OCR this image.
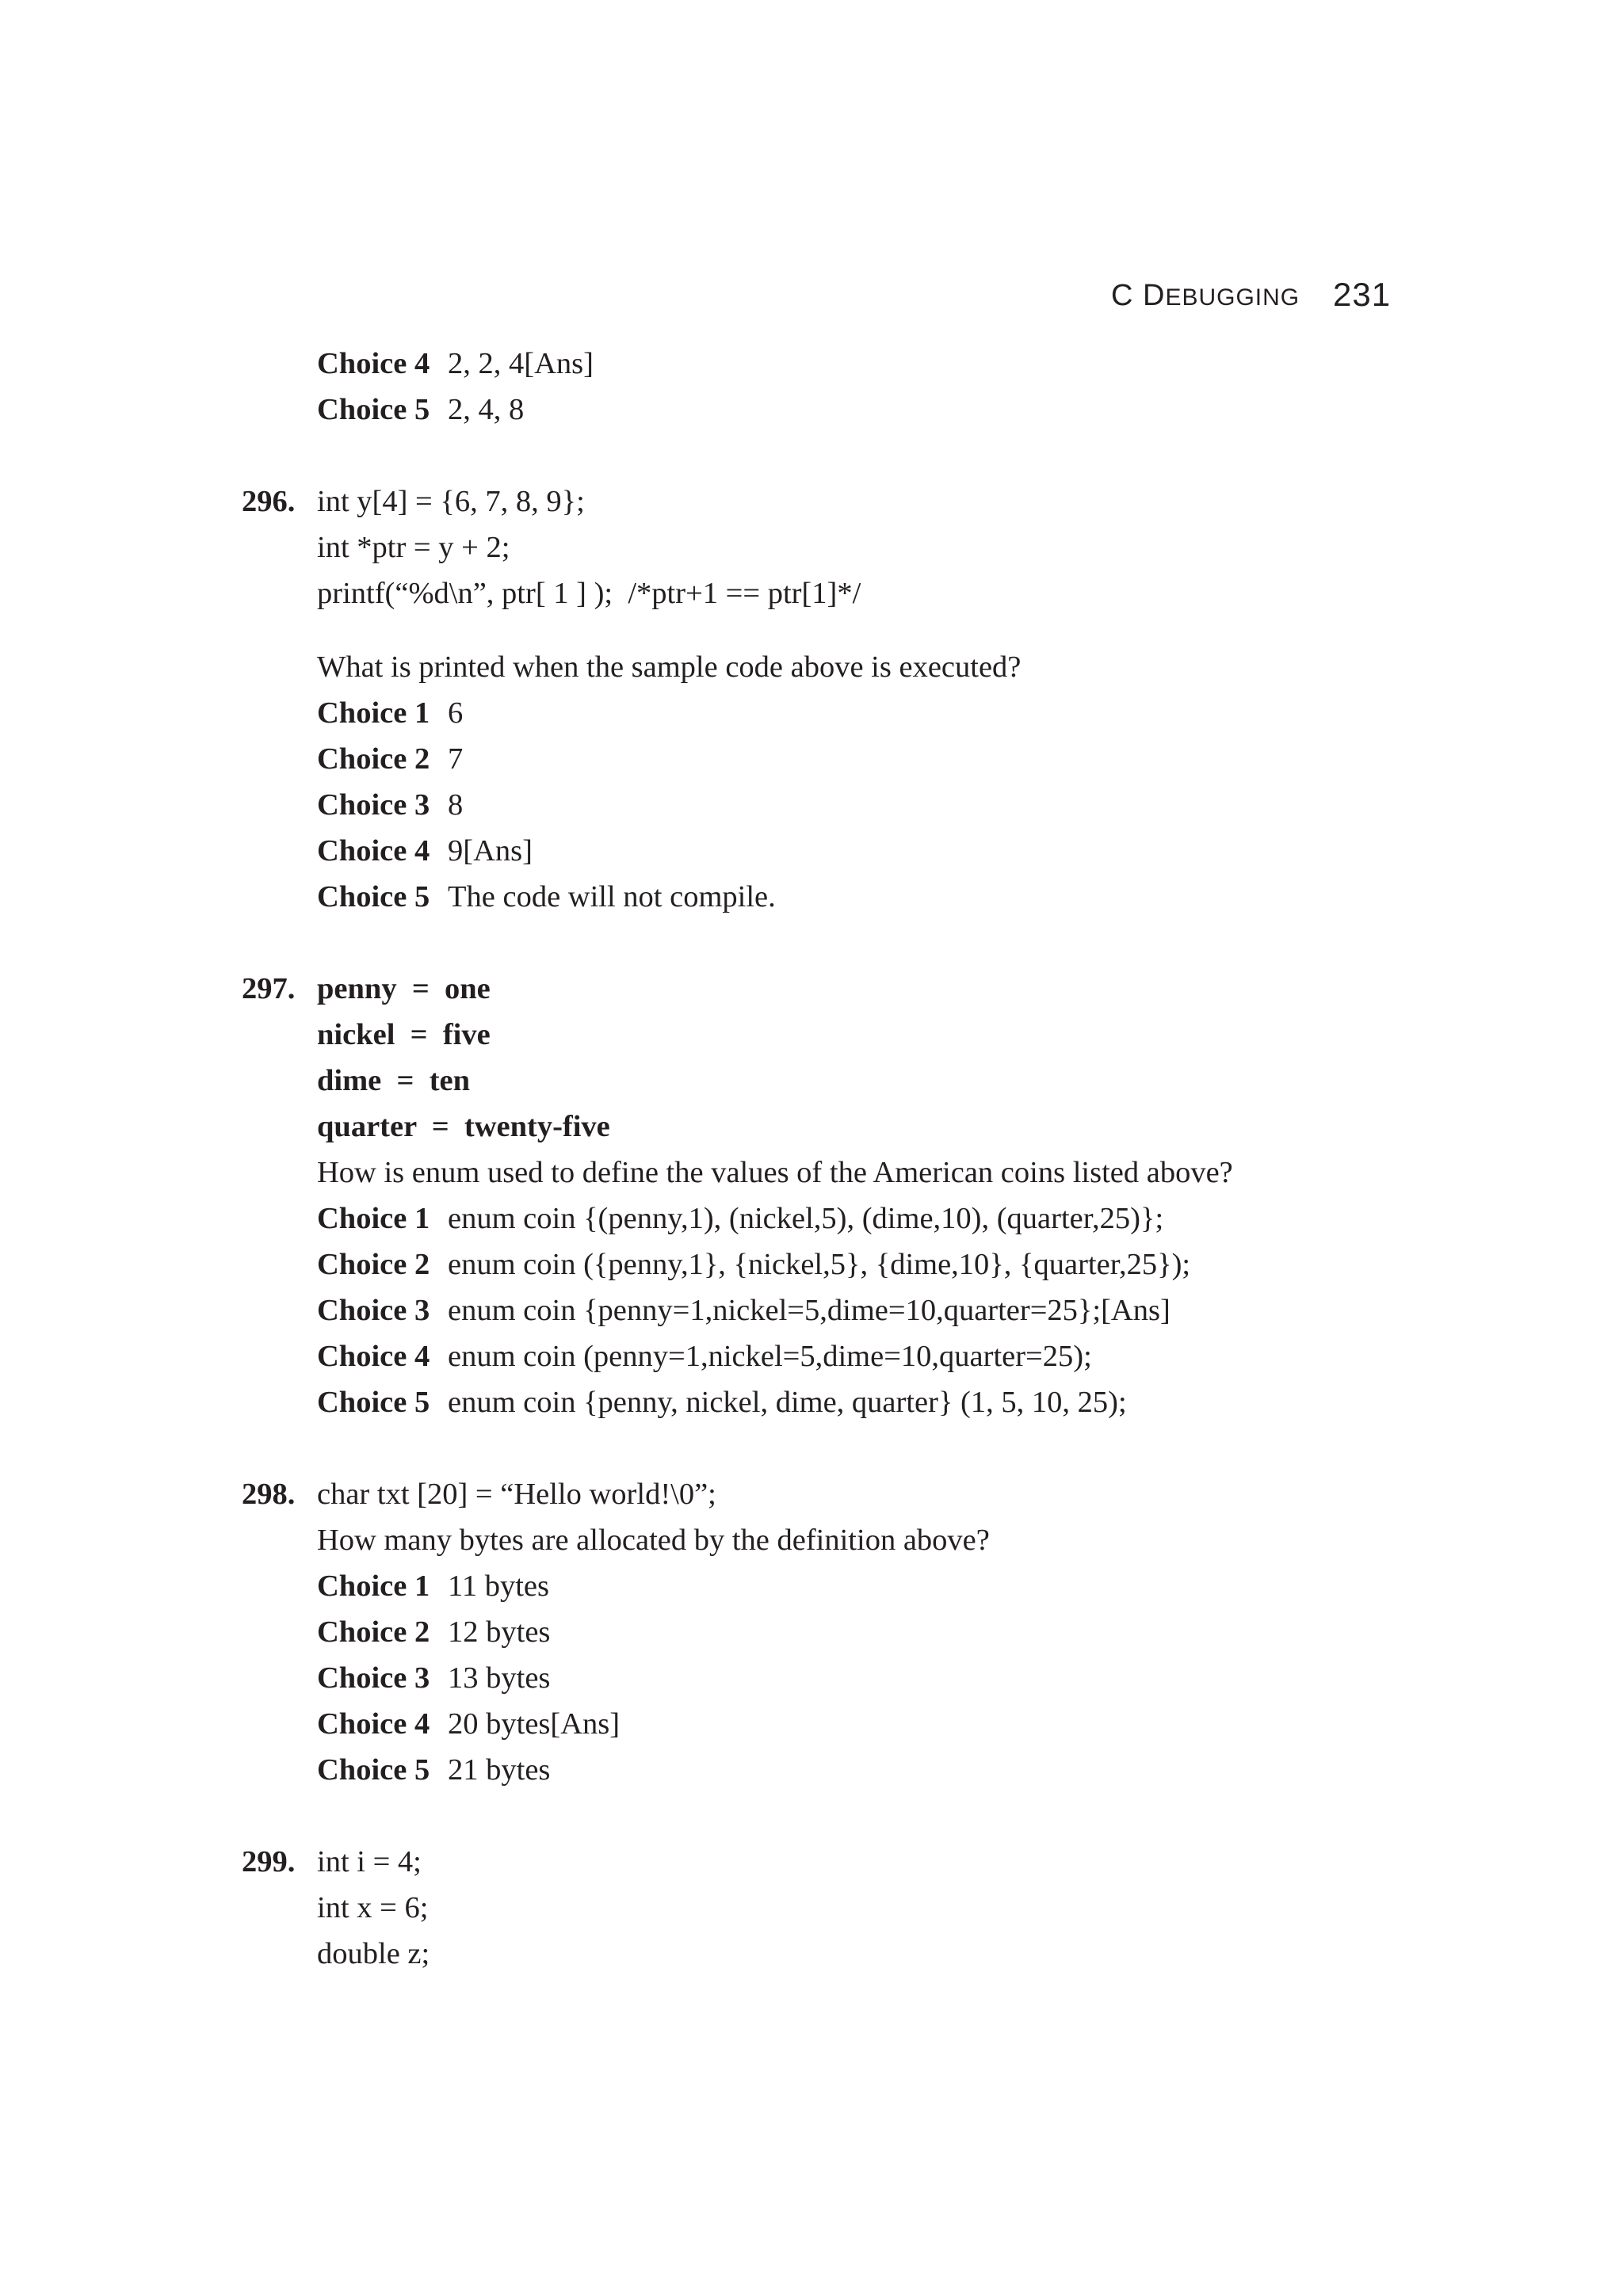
C DEBUGGING 231
Choice 4 2, 2, 4[Ans]
Choice 5 2, 4, 8
296. int y[4] = {6, 7, 8, 9};
int *ptr = y + 2;
printf(“%d\n”, ptr[ 1 ] );  /*ptr+1 == ptr[1]*/
What is printed when the sample code above is executed?
Choice 1 6
Choice 2 7
Choice 3 8
Choice 4 9[Ans]
Choice 5 The code will not compile.
297. penny  =  one
nickel  =  five
dime  =  ten
quarter  =  twenty-five
How is enum used to define the values of the American coins listed above?
Choice 1 enum coin {(penny,1), (nickel,5), (dime,10), (quarter,25)};
Choice 2 enum coin ({penny,1}, {nickel,5}, {dime,10}, {quarter,25});
Choice 3 enum coin {penny=1,nickel=5,dime=10,quarter=25};[Ans]
Choice 4 enum coin (penny=1,nickel=5,dime=10,quarter=25);
Choice 5 enum coin {penny, nickel, dime, quarter} (1, 5, 10, 25);
298. char txt [20] = “Hello world!\0”;
How many bytes are allocated by the definition above?
Choice 1 11 bytes
Choice 2 12 bytes
Choice 3 13 bytes
Choice 4 20 bytes[Ans]
Choice 5 21 bytes
299. int i = 4;
int x = 6;
double z;
